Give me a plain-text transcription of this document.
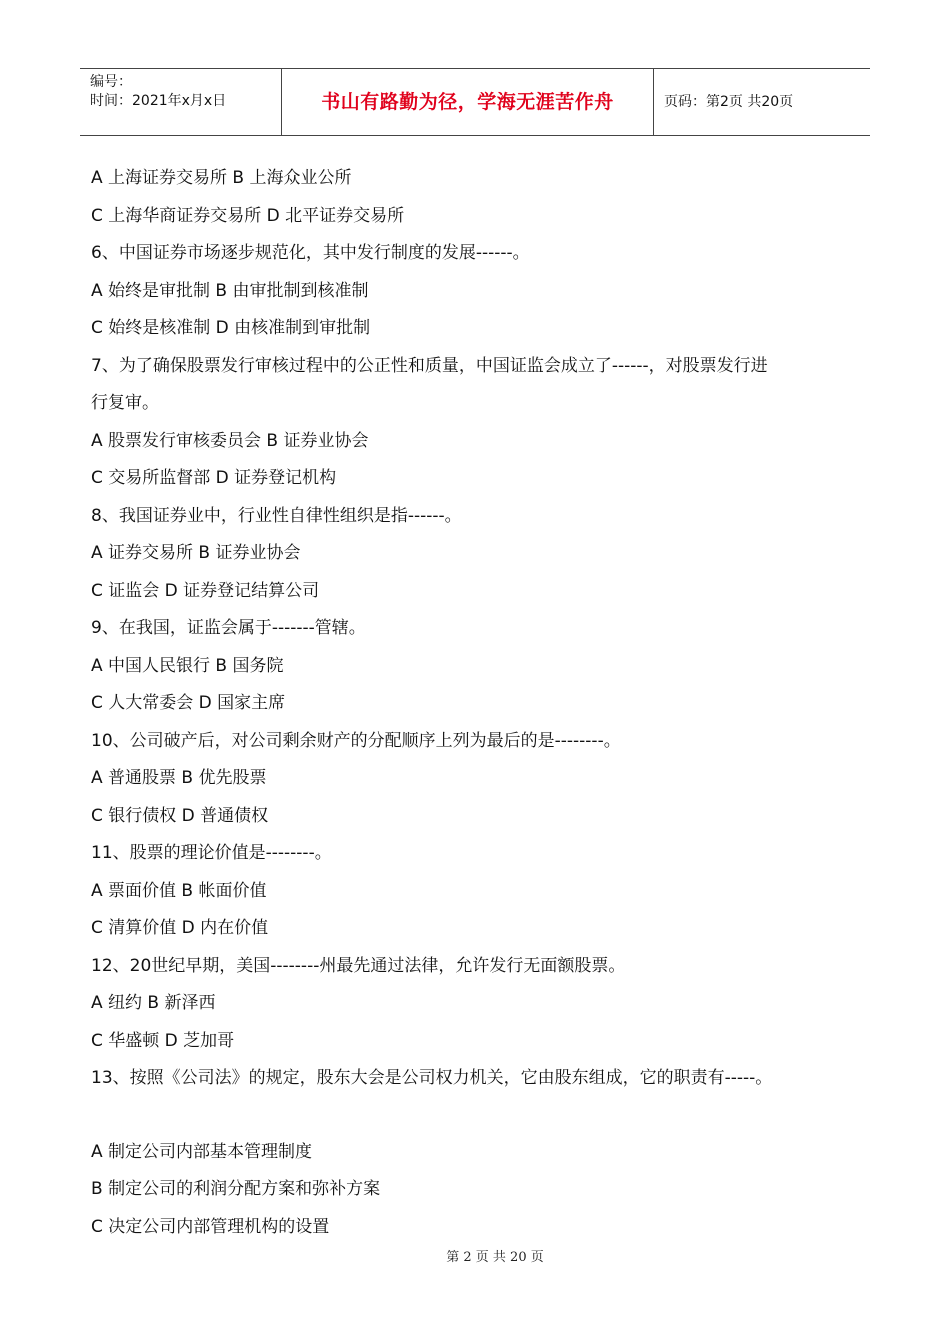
编号：
时间：2021年x月x日	书山有路勤为径，学海无涯苦作舟	页码：第2页 共20页
A 上海证券交易所 B 上海众业公所
C 上海华商证券交易所 D 北平证券交易所
6、中国证券市场逐步规范化，其中发行制度的发展------。
A 始终是审批制 B 由审批制到核准制
C 始终是核准制 D 由核准制到审批制
7、为了确保股票发行审核过程中的公正性和质量，中国证监会成立了------，对股票发行进
行复审。
A 股票发行审核委员会 B 证券业协会
C 交易所监督部 D 证券登记机构
8、我国证券业中，行业性自律性组织是指------。
A 证券交易所 B 证券业协会
C 证监会 D 证券登记结算公司
9、在我国，证监会属于-------管辖。
A 中国人民银行 B 国务院
C 人大常委会 D 国家主席
10、公司破产后，对公司剩余财产的分配顺序上列为最后的是--------。
A 普通股票 B 优先股票
C 银行债权 D 普通债权
11、股票的理论价值是--------。
A 票面价值 B 帐面价值
C 清算价值 D 内在价值
12、20世纪早期，美国--------州最先通过法律，允许发行无面额股票。
A 纽约 B 新泽西
C 华盛顿 D 芝加哥
13、按照《公司法》的规定，股东大会是公司权力机关，它由股东组成，它的职责有-----。
A 制定公司内部基本管理制度
B 制定公司的利润分配方案和弥补方案
C 决定公司内部管理机构的设置
第 2 页 共 20 页
